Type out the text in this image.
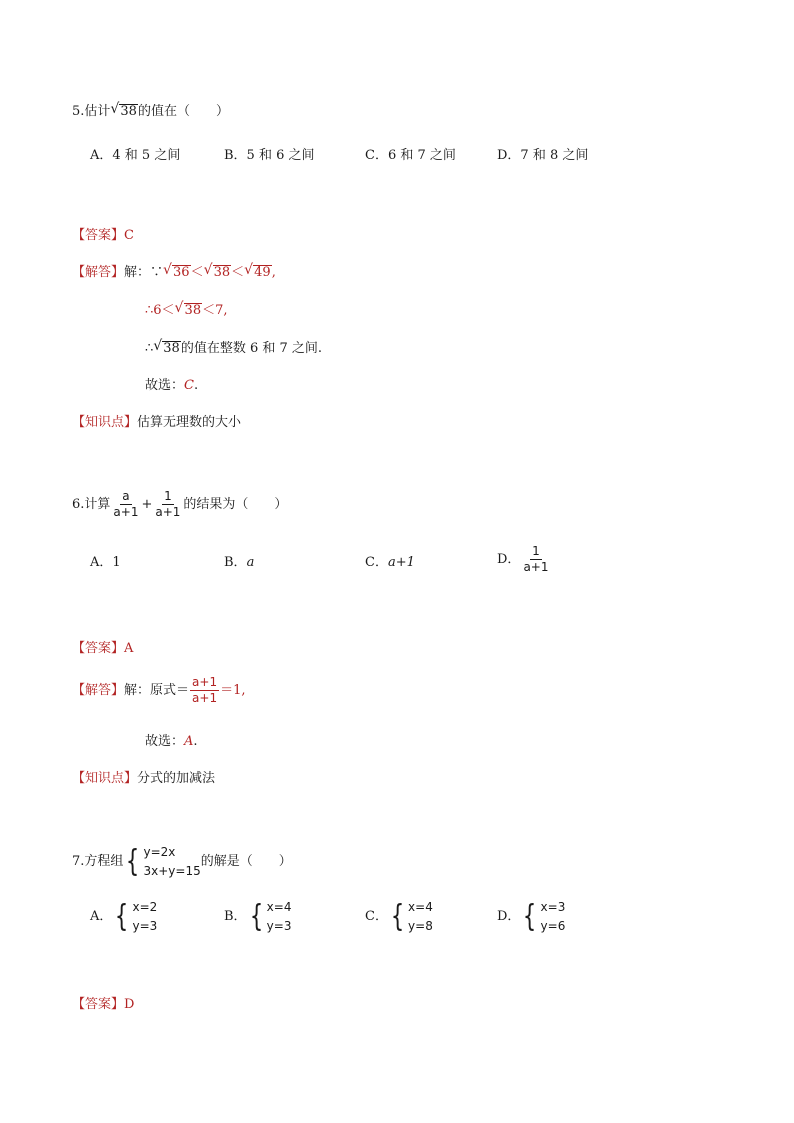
5.估计 √ 38的值在（　　）
A．4 和 5 之间	B．5 和 6 之间	C．6 和 7 之间	D．7 和 8 之间
【答案】C
【解答】解：∵ √ 36＜ √ 38＜ √ 49,
∴6＜ √ 38＜7,
∴ √ 38的值在整数 6 和 7 之间.
故选：C.
【知识点】估算无理数的大小
6.计算 $\frac{a}{a+1} + \frac{1}{a+1}$ 的结果为（　　）
A．1	B．a	C．a+1	D． $\frac{1}{a+1}$
【答案】A
【解答】 解：原式＝ $\frac{a+1}{a+1} =1$,
故选：A.
【知识点】分式的加减法
7.方程组 { y=2x
3x+y=15
的解是（　　）
A． { x=2
y=3
B． { x=4
y=3
C． { x=4
y=8
D． { x=3
y=6
【答案】D
